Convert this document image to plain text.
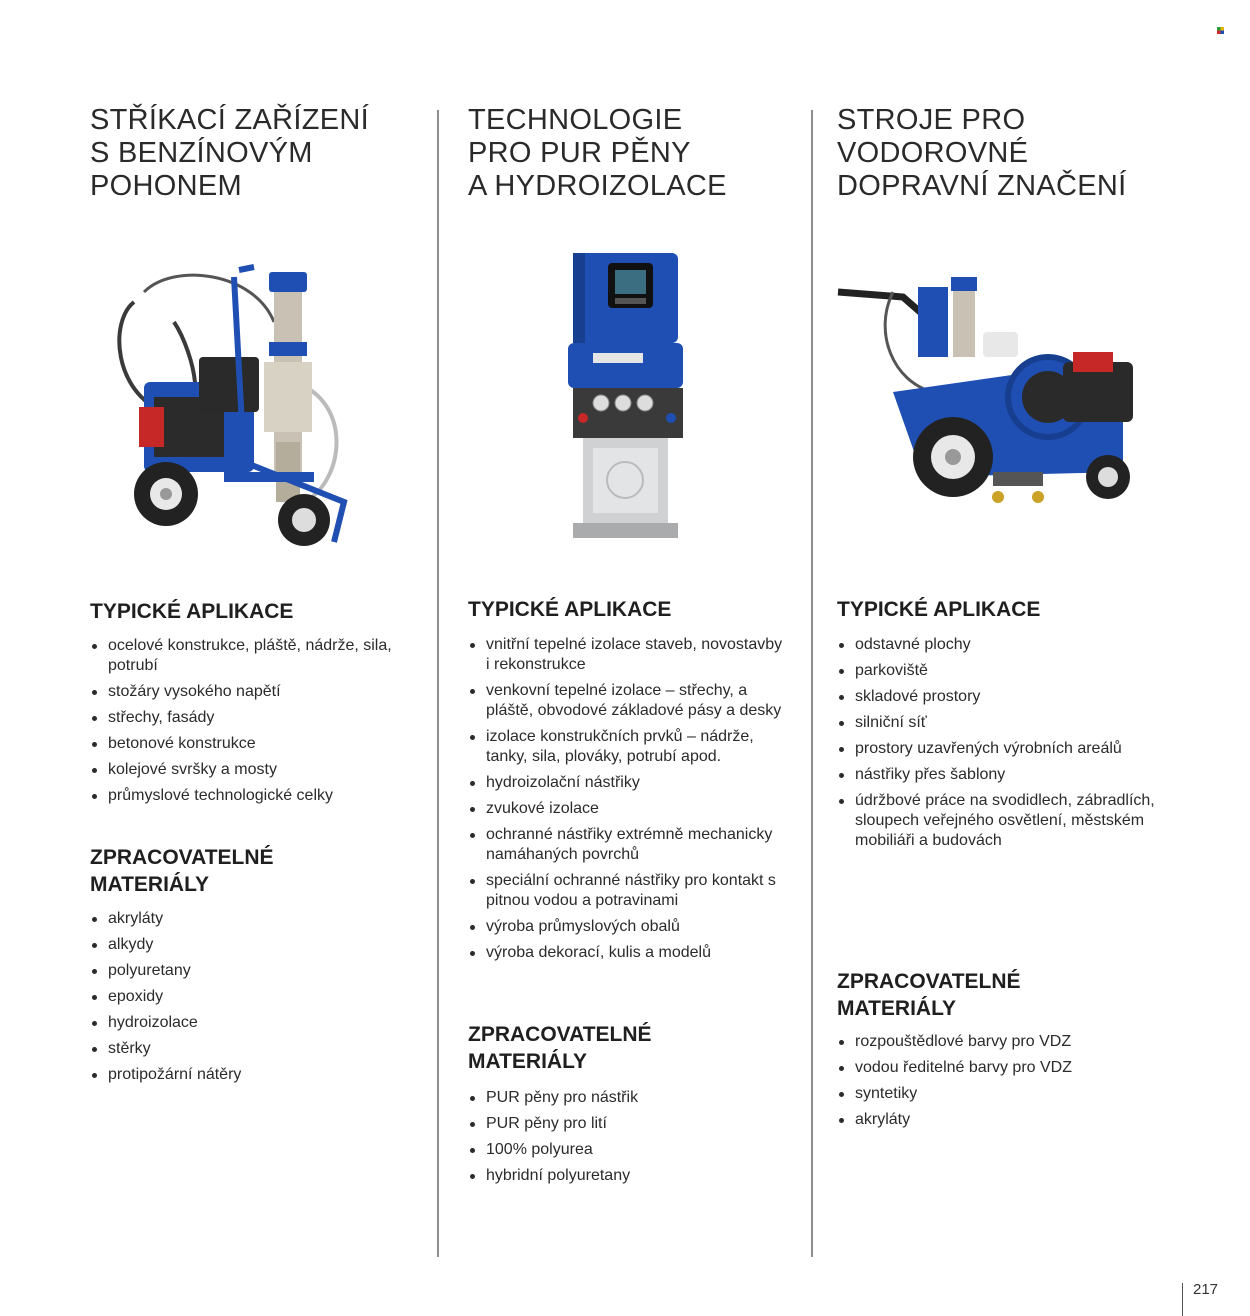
STŘÍKACÍ ZAŘÍZENÍ
S BENZÍNOVÝM
POHONEM
TYPICKÉ APLIKACE
ocelové konstrukce, pláště, nádrže, sila, potrubí
stožáry vysokého napětí
střechy, fasády
betonové konstrukce
kolejové svršky a mosty
průmyslové technologické celky
ZPRACOVATELNÉ
MATERIÁLY
akryláty
alkydy
polyuretany
epoxidy
hydroizolace
stěrky
protipožární nátěry
TECHNOLOGIE
PRO PUR PĚNY
A HYDROIZOLACE
TYPICKÉ APLIKACE
vnitřní tepelné izolace staveb, novostavby i rekonstrukce
venkovní tepelné izolace – střechy, a pláště, obvodové základové pásy a desky
izolace konstrukčních prvků – nádrže, tanky, sila, plováky, potrubí apod.
hydroizolační nástřiky
zvukové izolace
ochranné nástřiky extrémně mechanicky namáhaných povrchů
speciální ochranné nástřiky pro kontakt s pitnou vodou a potravinami
výroba průmyslových obalů
výroba dekorací, kulis a modelů
ZPRACOVATELNÉ
MATERIÁLY
PUR pěny pro nástřik
PUR pěny pro lití
100% polyurea
hybridní polyuretany
STROJE PRO
VODOROVNÉ
DOPRAVNÍ ZNAČENÍ
TYPICKÉ APLIKACE
odstavné plochy
parkoviště
skladové prostory
silniční síť
prostory uzavřených výrobních areálů
nástřiky přes šablony
údržbové práce na svodidlech, zábradlích, sloupech veřejného osvětlení, městském mobiliáři a budovách
ZPRACOVATELNÉ
MATERIÁLY
rozpouštědlové barvy pro VDZ
vodou ředitelné barvy pro VDZ
syntetiky
akryláty
217
